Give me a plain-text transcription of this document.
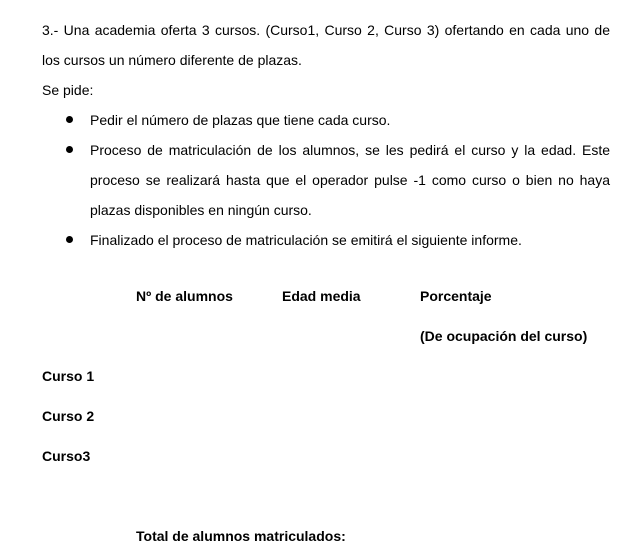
3.- Una academia oferta 3 cursos. (Curso1, Curso 2, Curso 3) ofertando en cada uno de los cursos un número diferente de plazas.

Se pide:

Pedir el número de plazas que tiene cada curso.
Proceso de matriculación de los alumnos, se les pedirá el curso y la edad. Este proceso se realizará hasta que el operador pulse -1 como curso o bien no haya plazas disponibles en ningún curso.
Finalizado el proceso de matriculación se emitirá el siguiente informe.
Nº de alumnos	Edad media	Porcentaje
(De ocupación del curso)
Curso 1
Curso 2
Curso3
Total de alumnos matriculados:
